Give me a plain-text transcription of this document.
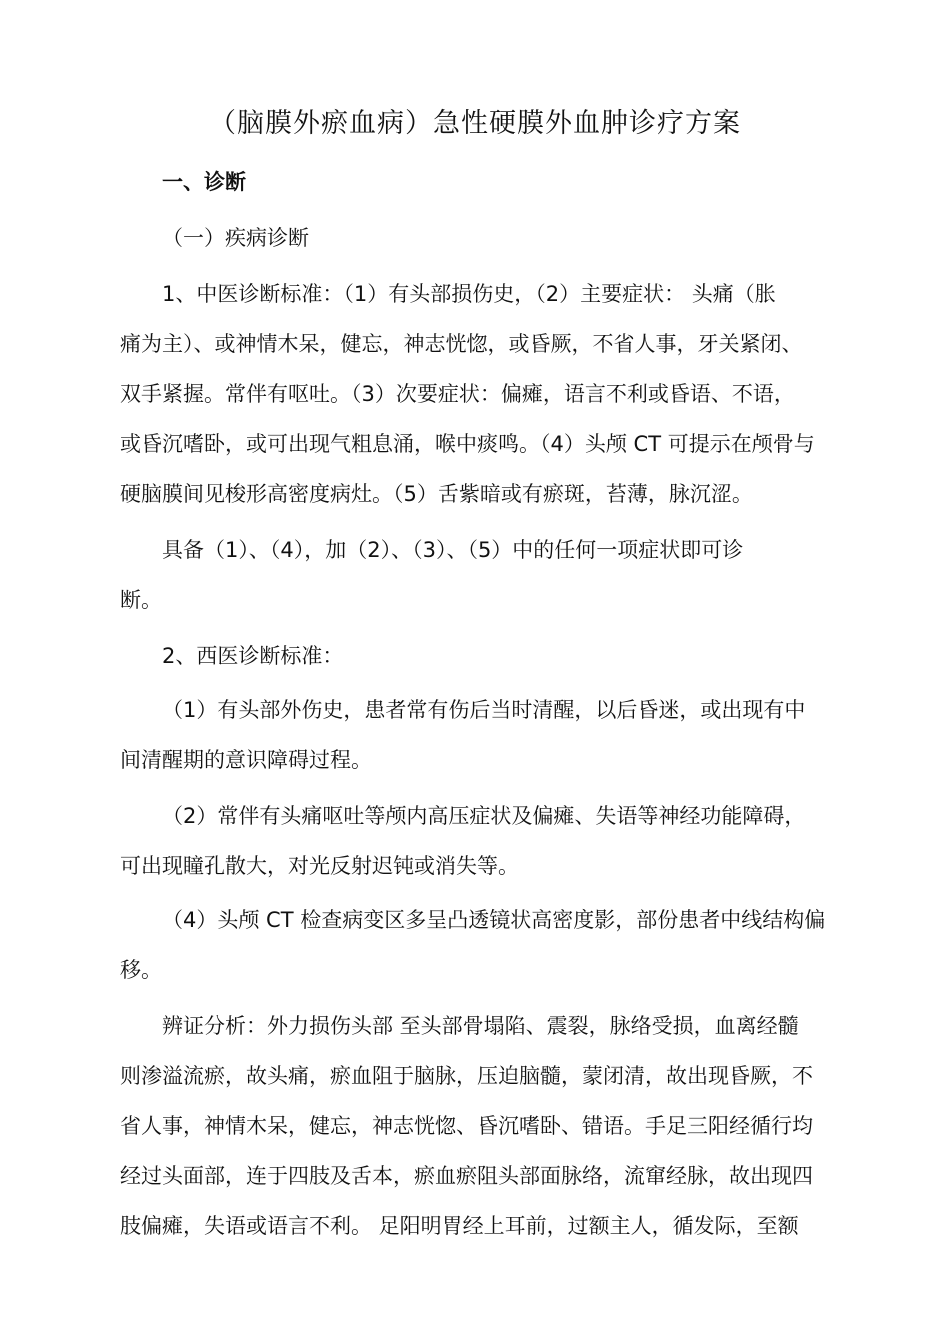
（脑膜外瘀血病）急性硬膜外血肿诊疗方案
一、诊断
（一）疾病诊断
1、中医诊断标准：（1）有头部损伤史，（2）主要症状： 头痛（胀
痛为主）、或神情木呆，健忘，神志恍惚，或昏厥，不省人事，牙关紧闭、
双手紧握。常伴有呕吐。（3）次要症状：偏瘫，语言不利或昏语、不语，
或昏沉嗜卧，或可出现气粗息涌，喉中痰鸣。（4）头颅 CT 可提示在颅骨与
硬脑膜间见梭形高密度病灶。（5）舌紫暗或有瘀斑，苔薄，脉沉涩。
具备（1）、（4），加（2）、（3）、（5）中的任何一项症状即可诊
断。
2、西医诊断标准：
（1）有头部外伤史，患者常有伤后当时清醒，以后昏迷，或出现有中
间清醒期的意识障碍过程。
（2）常伴有头痛呕吐等颅内高压症状及偏瘫、失语等神经功能障碍，
可出现瞳孔散大，对光反射迟钝或消失等。
（4）头颅 CT 检查病变区多呈凸透镜状高密度影，部份患者中线结构偏
移。
辨证分析：外力损伤头部 至头部骨塌陷、震裂，脉络受损，血离经髓
则渗溢流瘀，故头痛，瘀血阻于脑脉，压迫脑髓，蒙闭清，故出现昏厥，不
省人事，神情木呆，健忘，神志恍惚、昏沉嗜卧、错语。手足三阳经循行均
经过头面部，连于四肢及舌本，瘀血瘀阻头部面脉络，流窜经脉，故出现四
肢偏瘫，失语或语言不利。 足阳明胃经上耳前，过额主人，循发际，至额
